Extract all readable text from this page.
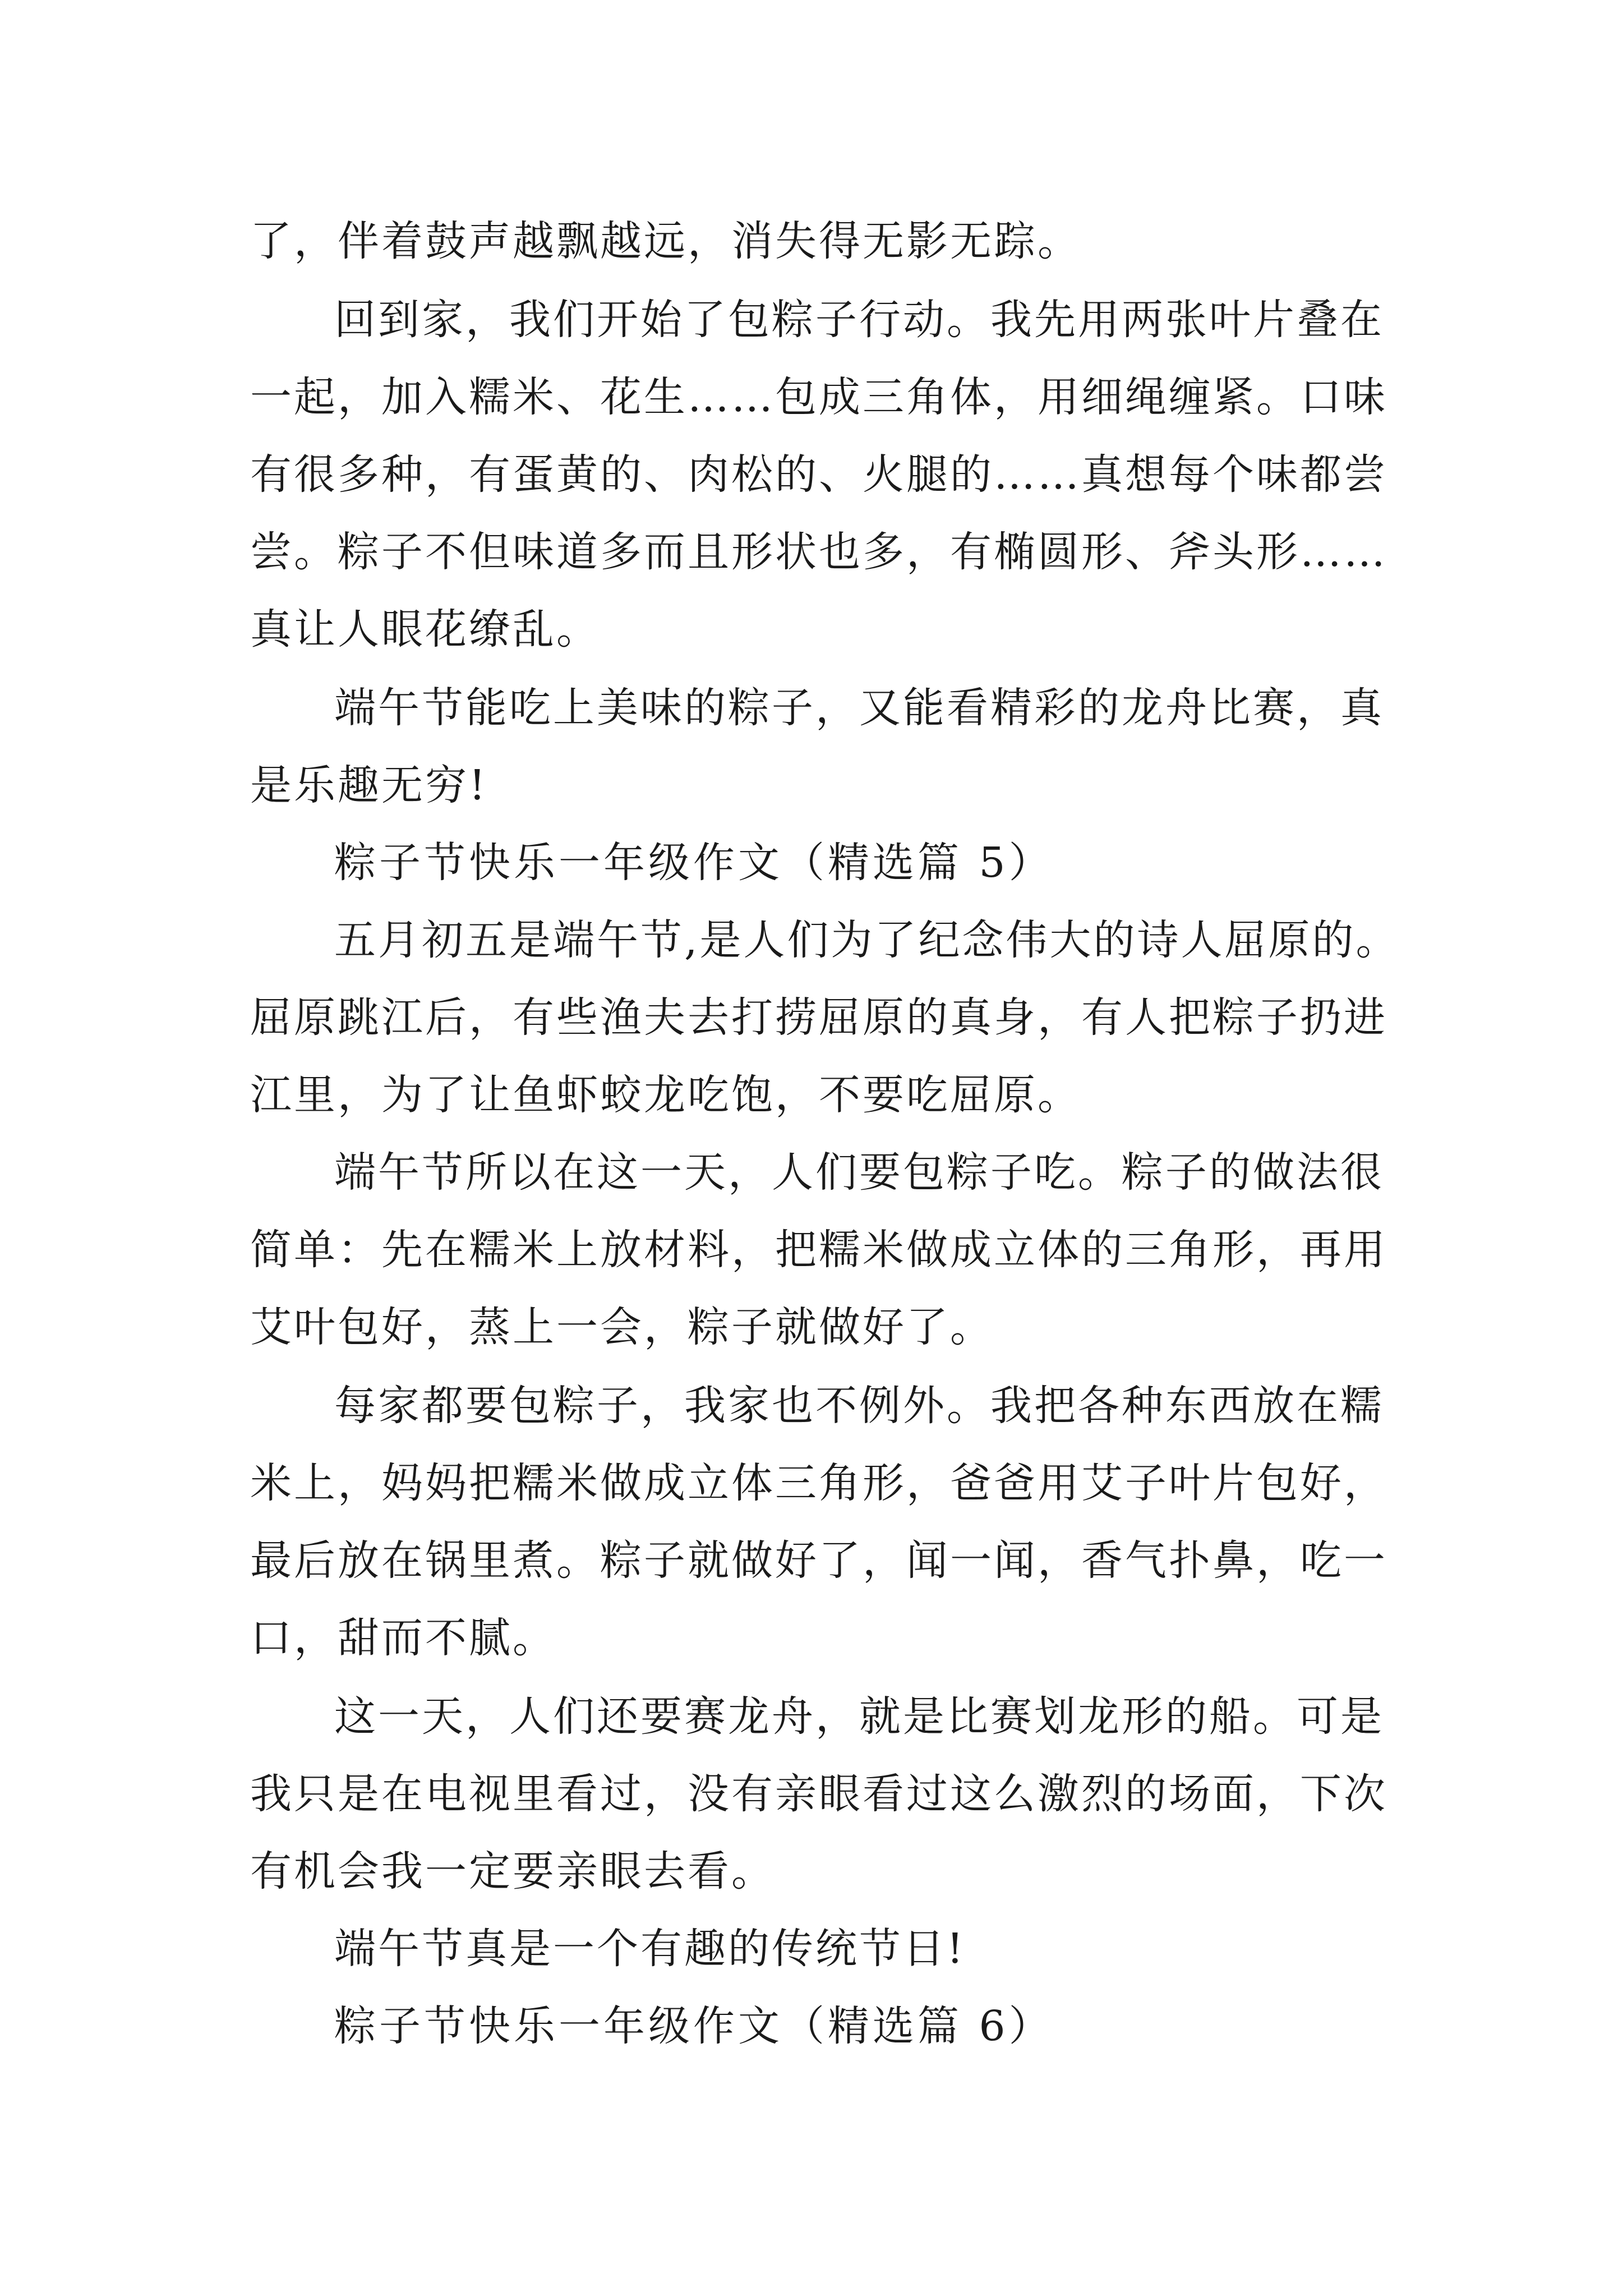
了，伴着鼓声越飘越远，消失得无影无踪。

回到家，我们开始了包粽子行动。我先用两张叶片叠在

一起，加入糯米、花生……包成三角体，用细绳缠紧。口味

有很多种，有蛋黄的、肉松的、火腿的……真想每个味都尝

尝。粽子不但味道多而且形状也多，有椭圆形、斧头形……

真让人眼花缭乱。

端午节能吃上美味的粽子，又能看精彩的龙舟比赛，真

是乐趣无穷!

粽子节快乐一年级作文（精选篇 5）

五月初五是端午节,是人们为了纪念伟大的诗人屈原的。

屈原跳江后，有些渔夫去打捞屈原的真身，有人把粽子扔进

江里，为了让鱼虾蛟龙吃饱，不要吃屈原。

端午节所以在这一天，人们要包粽子吃。粽子的做法很

简单：先在糯米上放材料，把糯米做成立体的三角形，再用

艾叶包好，蒸上一会，粽子就做好了。

每家都要包粽子，我家也不例外。我把各种东西放在糯

米上，妈妈把糯米做成立体三角形，爸爸用艾子叶片包好，

最后放在锅里煮。粽子就做好了，闻一闻，香气扑鼻，吃一

口，甜而不腻。

这一天，人们还要赛龙舟，就是比赛划龙形的船。可是

我只是在电视里看过，没有亲眼看过这么激烈的场面，下次

有机会我一定要亲眼去看。

端午节真是一个有趣的传统节日!

粽子节快乐一年级作文（精选篇 6）
